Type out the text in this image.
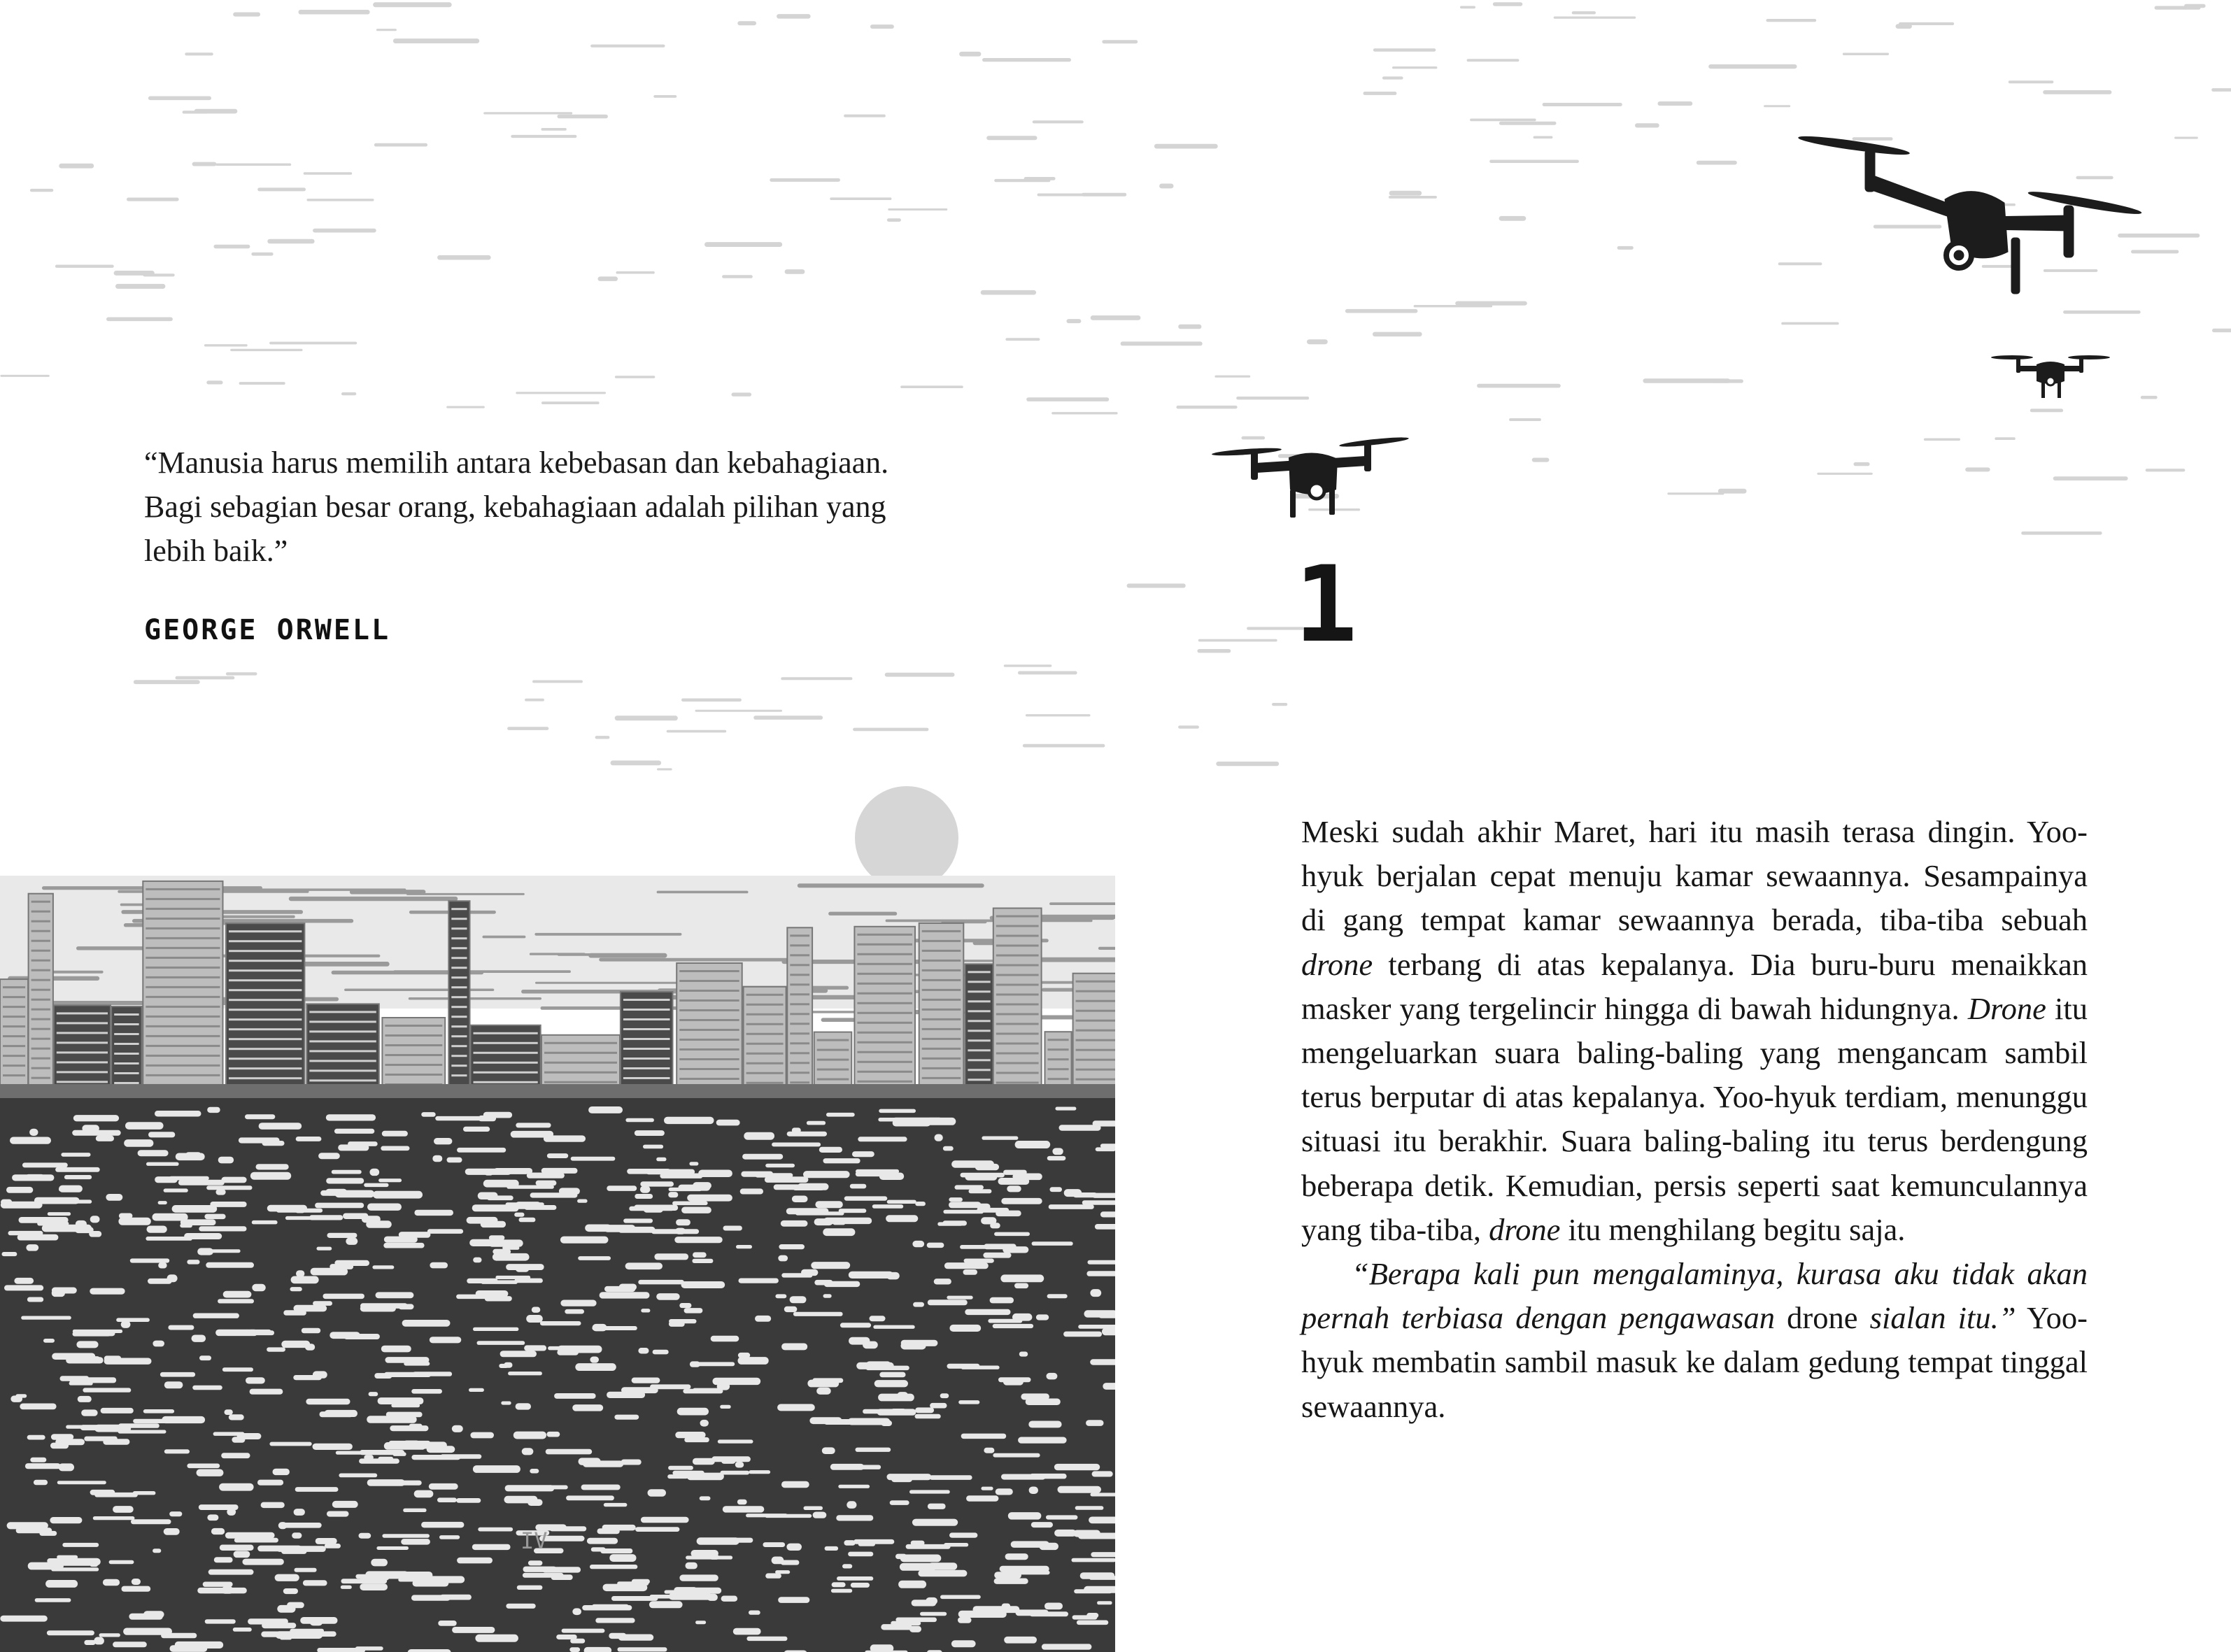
“Manusia harus memilih antara kebebasan dan kebahagiaan.

Bagi sebagian besar orang, kebahagiaan adalah pilihan yang

lebih baik.”

GEORGE ORWELL
IV
1

Meski sudah akhir Maret, hari itu masih terasa dingin. Yoo-hyuk berjalan cepat menuju kamar sewaannya. Sesampainya di gang tempat kamar sewaannya berada, tiba-tiba sebuah drone terbang di atas kepalanya. Dia buru-buru menaikkan masker yang tergelincir hingga di bawah hidungnya. Drone itu mengeluarkan suara baling-baling yang mengancam sambil terus berputar di atas kepalanya. Yoo-hyuk terdiam, menunggu situasi itu berakhir. Suara baling-baling itu terus berdengung beberapa detik. Kemudian, persis seperti saat kemunculannya yang tiba-tiba, drone itu menghilang begitu saja.

“Berapa kali pun mengalaminya, kurasa aku tidak akan pernah terbiasa dengan pengawasan drone sialan itu.” Yoo-hyuk membatin sambil masuk ke dalam gedung tempat tinggal sewaannya.
